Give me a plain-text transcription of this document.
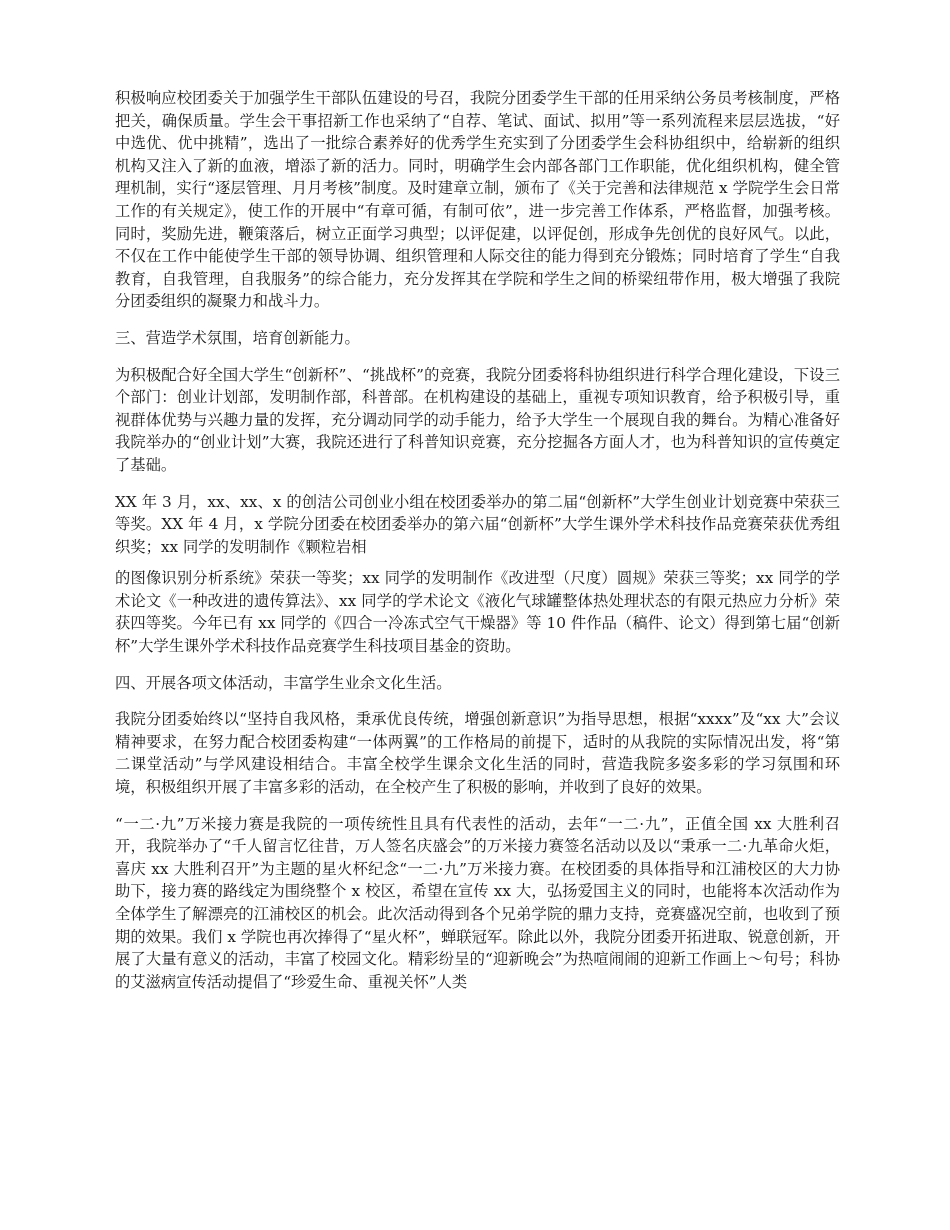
积极响应校团委关于加强学生干部队伍建设的号召，我院分团委学生干部的任用采纳公务员考核制度，严格把关，确保质量。学生会干事招新工作也采纳了“自荐、笔试、面试、拟用”等一系列流程来层层选拔，“好中选优、优中挑精”，选出了一批综合素养好的优秀学生充实到了分团委学生会科协组织中，给崭新的组织机构又注入了新的血液，增添了新的活力。同时，明确学生会内部各部门工作职能，优化组织机构，健全管理机制，实行“逐层管理、月月考核”制度。及时建章立制，颁布了《关于完善和法律规范 x 学院学生会日常工作的有关规定》，使工作的开展中“有章可循，有制可依”，进一步完善工作体系，严格监督，加强考核。同时，奖励先进，鞭策落后，树立正面学习典型；以评促建，以评促创，形成争先创优的良好风气。以此，不仅在工作中能使学生干部的领导协调、组织管理和人际交往的能力得到充分锻炼；同时培育了学生“自我教育，自我管理，自我服务”的综合能力，充分发挥其在学院和学生之间的桥梁纽带作用，极大增强了我院分团委组织的凝聚力和战斗力。

三、营造学术氛围，培育创新能力。

为积极配合好全国大学生“创新杯”、“挑战杯”的竞赛，我院分团委将科协组织进行科学合理化建设，下设三个部门：创业计划部，发明制作部，科普部。在机构建设的基础上，重视专项知识教育，给予积极引导，重视群体优势与兴趣力量的发挥，充分调动同学的动手能力，给予大学生一个展现自我的舞台。为精心准备好我院举办的“创业计划”大赛，我院还进行了科普知识竞赛，充分挖掘各方面人才，也为科普知识的宣传奠定了基础。

XX 年 3 月，xx、xx、x 的创洁公司创业小组在校团委举办的第二届“创新杯”大学生创业计划竞赛中荣获三等奖。XX 年 4 月，x 学院分团委在校团委举办的第六届“创新杯”大学生课外学术科技作品竞赛荣获优秀组织奖；xx 同学的发明制作《颗粒岩相

的图像识别分析系统》荣获一等奖；xx 同学的发明制作《改进型（尺度）圆规》荣获三等奖；xx 同学的学术论文《一种改进的遗传算法》、xx 同学的学术论文《液化气球罐整体热处理状态的有限元热应力分析》荣获四等奖。今年已有 xx 同学的《四合一冷冻式空气干燥器》等 10 件作品（稿件、论文）得到第七届“创新杯”大学生课外学术科技作品竞赛学生科技项目基金的资助。

四、开展各项文体活动，丰富学生业余文化生活。

我院分团委始终以“坚持自我风格，秉承优良传统，增强创新意识”为指导思想，根据“xxxx”及“xx 大”会议精神要求，在努力配合校团委构建“一体两翼”的工作格局的前提下，适时的从我院的实际情况出发，将“第二课堂活动”与学风建设相结合。丰富全校学生课余文化生活的同时，营造我院多姿多彩的学习氛围和环境，积极组织开展了丰富多彩的活动，在全校产生了积极的影响，并收到了良好的效果。

“一二·九”万米接力赛是我院的一项传统性且具有代表性的活动，去年“一二·九”，正值全国 xx 大胜利召开，我院举办了“千人留言忆往昔，万人签名庆盛会”的万米接力赛签名活动以及以“秉承一二·九革命火炬，喜庆 xx 大胜利召开”为主题的星火杯纪念“一二·九”万米接力赛。在校团委的具体指导和江浦校区的大力协助下，接力赛的路线定为围绕整个 x 校区，希望在宣传 xx 大，弘扬爱国主义的同时，也能将本次活动作为全体学生了解漂亮的江浦校区的机会。此次活动得到各个兄弟学院的鼎力支持，竞赛盛况空前，也收到了预期的效果。我们 x 学院也再次捧得了“星火杯”，蝉联冠军。除此以外，我院分团委开拓进取、锐意创新，开展了大量有意义的活动，丰富了校园文化。精彩纷呈的“迎新晚会”为热喧闹闹的迎新工作画上～句号；科协的艾滋病宣传活动提倡了“珍爱生命、重视关怀”人类
